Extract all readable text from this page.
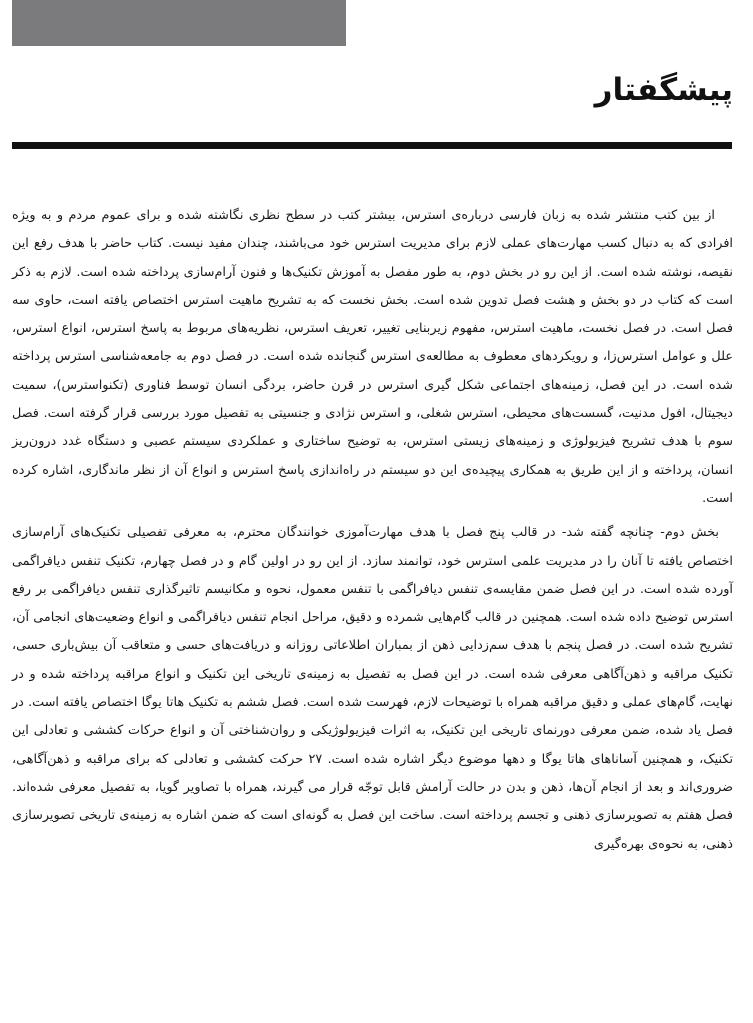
پیشگفتار

از بین کتب منتشر شده به زبان فارسی درباره‌ی استرس، بیشتر کتب در سطح نظری نگاشته شده و برای عموم مردم و به ویژه افرادی که به دنبال کسب مهارت‌های عملی لازم برای مدیریت استرس خود می‌باشند، چندان مفید نیست. کتاب حاضر با هدف رفع این نقیصه، نوشته شده است. از این رو در بخش دوم، به طور مفصل به آموزش تکنیک‌ها و فنون آرام‌سازی پرداخته شده است. لازم به ذکر است که کتاب در دو بخش و هشت فصل تدوین شده است. بخش نخست که به تشریح ماهیت استرس اختصاص یافته است، حاوی سه فصل است. در فصل نخست، ماهیت استرس، مفهوم زیربنایی تغییر، تعریف استرس، نظریه‌های مربوط به پاسخ استرس، انواع استرس، علل و عوامل استرس‌زا، و رویکردهای معطوف به مطالعه‌ی استرس گنجانده شده است. در فصل دوم به جامعه‌شناسی استرس پرداخته شده است. در این فصل، زمینه‌های اجتماعی شکل گیری استرس در قرن حاضر، بردگی انسان توسط فناوری (تکنواسترس)، سمیت دیجیتال، افول مدنیت، گسست‌های محیطی، استرس شغلی، و استرس نژادی و جنسیتی به تفصیل مورد بررسی قرار گرفته است. فصل سوم با هدف تشریح فیزیولوژی و زمینه‌های زیستی استرس، به توضیح ساختاری و عملکردی سیستم عصبی و دستگاه غدد درون‌ریز انسان، پرداخته و از این طریق به همکاری پیچیده‌ی این دو سیستم در راه‌اندازی پاسخ استرس و انواع آن از نظر ماندگاری، اشاره کرده است.

بخش دوم- چنانچه گفته شد- در قالب پنج فصل با هدف مهارت‌آموزی خوانندگان محترم، به معرفی تفصیلی تکنیک‌های آرام‌سازی اختصاص یافته تا آنان را در مدیریت علمی استرس خود، توانمند سازد. از این رو در اولین گام و در فصل چهارم، تکنیک تنفس دیافراگمی آورده شده است. در این فصل ضمن مقایسه‌ی تنفس دیافراگمی با تنفس معمول، نحوه و مکانیسم تاثیرگذاری تنفس دیافراگمی بر رفع استرس توضیح داده شده است. همچنین در قالب گام‌هایی شمرده و دقیق، مراحل انجام تنفس دیافراگمی و انواع وضعیت‌های انجامی آن، تشریح شده است. در فصل پنجم با هدف سم‌زدایی ذهن از بمباران اطلاعاتی روزانه و دریافت‌های حسی و متعاقب آن بیش‌باری حسی، تکنیک مراقبه و ذهن‌آگاهی معرفی شده است. در این فصل به تفصیل به زمینه‌ی تاریخی این تکنیک و انواع مراقبه پرداخته شده و در نهایت، گام‌های عملی و دقیق مراقبه همراه با توضیحات لازم، فهرست شده است. فصل ششم به تکنیک هاتا یوگا اختصاص یافته است. در فصل یاد شده، ضمن معرفی دورنمای تاریخی این تکنیک، به اثرات فیزیولوژیکی و روان‌شناختی آن و انواع حرکات کششی و تعادلی این تکنیک، و همچنین آساناهای هاتا یوگا و دهها موضوع دیگر اشاره شده است. ۲۷ حرکت کششی و تعادلی که برای مراقبه و ذهن‌آگاهی، ضروری‌اند و بعد از انجام آن‌ها، ذهن و بدن در حالت آرامش قابل توجّه قرار می گیرند، همراه با تصاویر گویا، به تفصیل معرفی شده‌اند. فصل هفتم به تصویرسازی ذهنی و تجسم پرداخته است. ساخت این فصل به گونه‌ای است که ضمن اشاره به زمینه‌ی تاریخی تصویرسازی ذهنی، به نحوه‌ی بهره‌گیری
